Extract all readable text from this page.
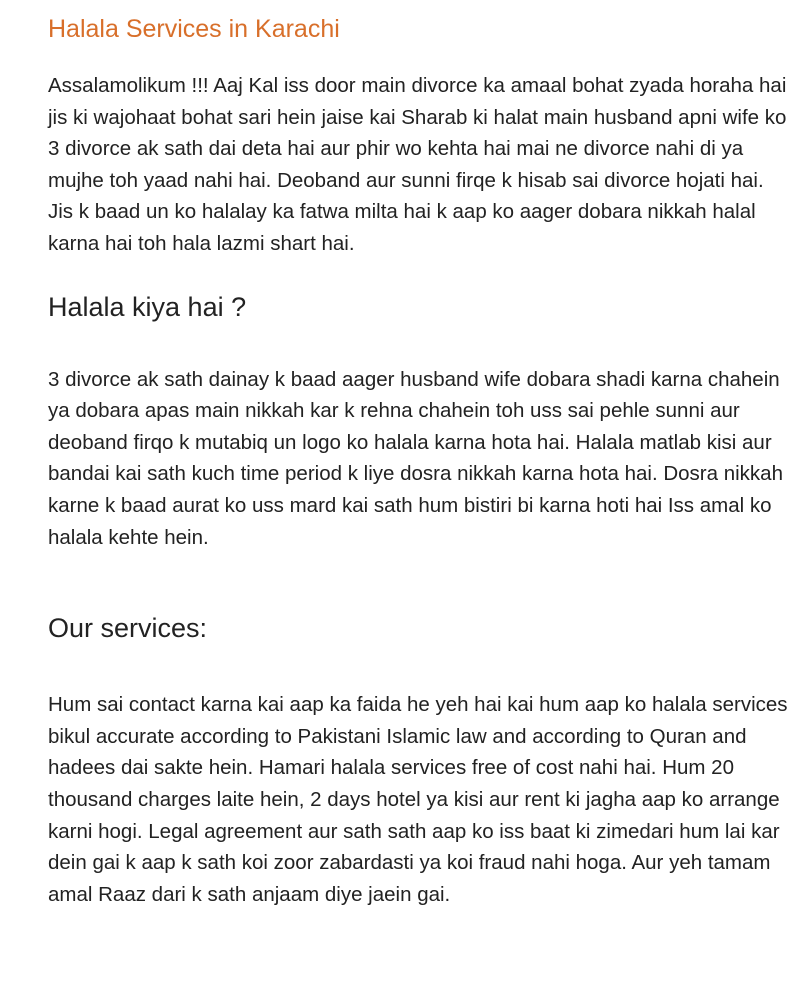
Halala Services in Karachi

Assalamolikum !!! Aaj Kal iss door main divorce ka amaal bohat zyada horaha hai jis ki wajohaat bohat sari hein jaise kai Sharab ki halat main husband apni wife ko 3 divorce ak sath dai deta hai aur phir wo kehta hai mai ne divorce nahi di ya mujhe toh yaad nahi hai. Deoband aur sunni firqe k hisab sai divorce hojati hai. Jis k baad un ko halalay ka fatwa milta hai k aap ko aager dobara nikkah halal karna hai toh hala lazmi shart hai.

Halala kiya hai ?

3 divorce ak sath dainay k baad aager husband wife dobara shadi karna chahein ya dobara apas main nikkah kar k rehna chahein toh uss sai pehle sunni aur deoband firqo k mutabiq un logo ko halala karna hota hai. Halala matlab kisi aur bandai kai sath kuch time period k liye dosra nikkah karna hota hai. Dosra nikkah karne k baad aurat ko uss mard kai sath hum bistiri bi karna hoti hai Iss amal ko halala kehte hein.

Our services:

Hum sai contact karna kai aap ka faida he yeh hai kai hum aap ko halala services bikul accurate according to Pakistani Islamic law and according to Quran and hadees dai sakte hein. Hamari halala services free of cost nahi hai. Hum 20 thousand charges laite hein, 2 days hotel ya kisi aur rent ki jagha aap ko arrange karni hogi. Legal agreement aur sath sath aap ko iss baat ki zimedari hum lai kar dein gai k aap k sath koi zoor zabardasti ya koi fraud nahi hoga. Aur yeh tamam amal Raaz dari k sath anjaam diye jaein gai.
